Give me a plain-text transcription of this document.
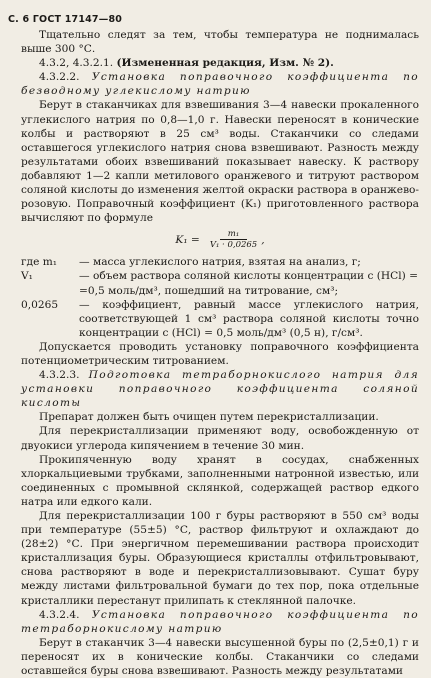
С. 6 ГОСТ 17147—80

Тщательно следят за тем, чтобы температура не поднималась выше 300 °С.

4.3.2, 4.3.2.1. (Измененная редакция, Изм. № 2).

4.3.2.2. Установка поправочного коэффициента по безводному углекислому натрию

Берут в стаканчиках для взвешивания 3—4 навески прокаленного углекислого натрия по 0,8—1,0 г. Навески переносят в конические колбы и растворяют в 25 см³ воды. Стаканчики со следами оставшегося углекислого натрия снова взвешивают. Разность между результатами обоих взвешиваний показывает навеску. К раствору добавляют 1—2 капли метилового оранжевого и титруют раствором соляной кислоты до изменения желтой окраски раствора в оранжево-розовую. Поправочный коэффициент (K₁) приготовленного раствора вычисляют по формуле

$K_1 = \frac{\text{m₁}}{\text{V₁ · 0,0265}}$ ,
где m₁	— масса углекислого натрия, взятая на анализ, г;
V₁	— объем раствора соляной кислоты концентрации c (HCl) =
=0,5 моль/дм³, пошедший на титрование, см³;
0,0265	— коэффициент, равный массе углекислого натрия, соответствующей 1 см³ раствора соляной кислоты точно концентрации c (HCl) = 0,5 моль/дм³ (0,5 н), г/см³.

Допускается проводить установку поправочного коэффициента потенциометрическим титрованием.

4.3.2.3. Подготовка тетраборнокислого натрия для установки поправочного коэффициента соляной кислоты

Препарат должен быть очищен путем перекристаллизации.

Для перекристаллизации применяют воду, освобожденную от двуокиси углерода кипячением в течение 30 мин.

Прокипяченную воду хранят в сосудах, снабженных хлоркальциевыми трубками, заполненными натронной известью, или соединенных с промывной склянкой, содержащей раствор едкого натра или едкого кали.

Для перекристаллизации 100 г буры растворяют в 550 см³ воды при температуре (55±5) °С, раствор фильтруют и охлаждают до (28±2) °С. При энергичном перемешивании раствора происходит кристаллизация буры. Образующиеся кристаллы отфильтровывают, снова растворяют в воде и перекристаллизовывают. Сушат буру между листами фильтровальной бумаги до тех пор, пока отдельные кристаллики перестанут прилипать к стеклянной палочке.

4.3.2.4. Установка поправочного коэффициента по тетраборнокислому натрию

Берут в стаканчик 3—4 навески высушенной буры по (2,5±0,1) г и переносят их в конические колбы. Стаканчики со следами оставшейся буры снова взвешивают. Разность между результатами
